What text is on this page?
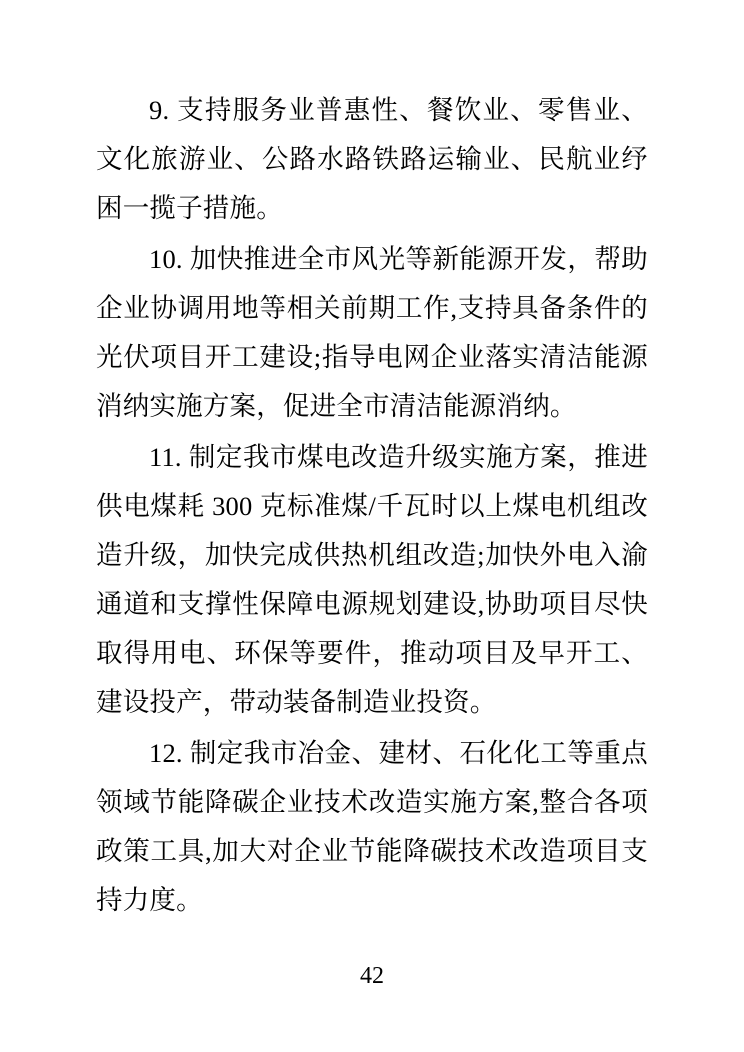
9. 支持服务业普惠性、餐饮业、零售业、文化旅游业、公路水路铁路运输业、民航业纾困一揽子措施。

10. 加快推进全市风光等新能源开发，帮助企业协调用地等相关前期工作,支持具备条件的光伏项目开工建设;指导电网企业落实清洁能源消纳实施方案，促进全市清洁能源消纳。

11. 制定我市煤电改造升级实施方案，推进供电煤耗 300 克标准煤/千瓦时以上煤电机组改造升级，加快完成供热机组改造;加快外电入渝通道和支撑性保障电源规划建设,协助项目尽快取得用电、环保等要件，推动项目及早开工、建设投产，带动装备制造业投资。

12. 制定我市冶金、建材、石化化工等重点领域节能降碳企业技术改造实施方案,整合各项政策工具,加大对企业节能降碳技术改造项目支持力度。

42
